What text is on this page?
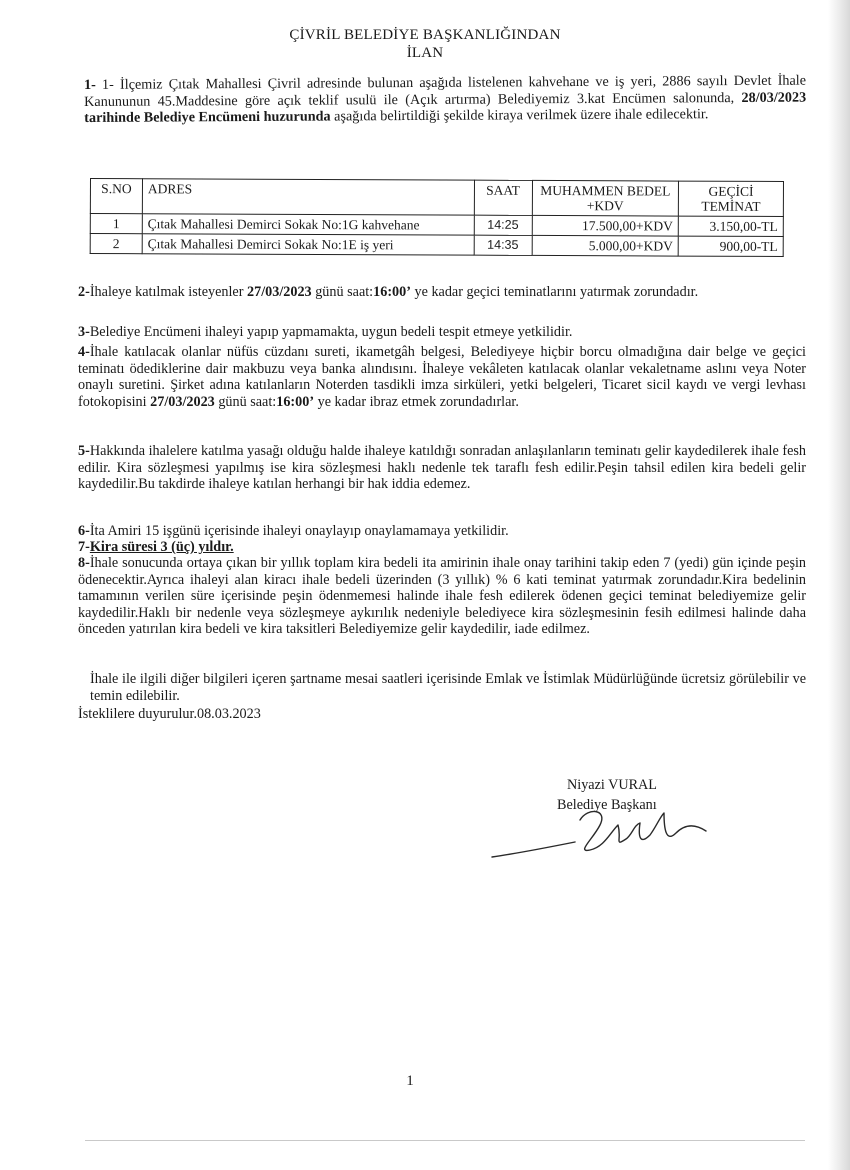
ÇİVRİL BELEDİYE BAŞKANLIĞINDAN
İLAN
1- 1- İlçemiz Çıtak Mahallesi Çivril adresinde bulunan aşağıda listelenen kahvehane ve iş yeri, 2886 sayılı Devlet İhale Kanununun 45.Maddesine göre açık teklif usulü ile (Açık artırma) Belediyemiz 3.kat Encümen salonunda, 28/03/2023 tarihinde Belediye Encümeni huzurunda aşağıda belirtildiği şekilde kiraya verilmek üzere ihale edilecektir.
S.NO	ADRES	SAAT	MUHAMMEN BEDEL +KDV	GEÇİCİ TEMİNAT
1	Çıtak Mahallesi Demirci Sokak No:1G kahvehane	14:25	17.500,00+KDV	3.150,00-TL
2	Çıtak Mahallesi Demirci Sokak No:1E iş yeri	14:35	5.000,00+KDV	900,00-TL
2-İhaleye katılmak isteyenler 27/03/2023 günü saat:16:00’ ye kadar geçici teminatlarını yatırmak zorundadır.
3-Belediye Encümeni ihaleyi yapıp yapmamakta, uygun bedeli tespit etmeye yetkilidir.
4-İhale katılacak olanlar nüfüs cüzdanı sureti, ikametgâh belgesi, Belediyeye hiçbir borcu olmadığına dair belge ve geçici teminatı ödediklerine dair makbuzu veya banka alındısını. İhaleye vekâleten katılacak olanlar vekaletname aslını veya Noter onaylı suretini. Şirket adına katılanların Noterden tasdikli imza sirküleri, yetki belgeleri, Ticaret sicil kaydı ve vergi levhası fotokopisini 27/03/2023 günü saat:16:00’ ye kadar ibraz etmek zorundadırlar.
5-Hakkında ihalelere katılma yasağı olduğu halde ihaleye katıldığı sonradan anlaşılanların teminatı gelir kaydedilerek ihale fesh edilir. Kira sözleşmesi yapılmış ise kira sözleşmesi haklı nedenle tek taraflı fesh edilir.Peşin tahsil edilen kira bedeli gelir kaydedilir.Bu takdirde ihaleye katılan herhangi bir hak iddia edemez.
6-İta Amiri 15 işgünü içerisinde ihaleyi onaylayıp onaylamamaya yetkilidir.
7-Kira süresi 3 (üç) yıldır.
8-İhale sonucunda ortaya çıkan bir yıllık toplam kira bedeli ita amirinin ihale onay tarihini takip eden 7 (yedi) gün içinde peşin ödenecektir.Ayrıca ihaleyi alan kiracı ihale bedeli üzerinden (3 yıllık) % 6 kati teminat yatırmak zorundadır.Kira bedelinin tamamının verilen süre içerisinde peşin ödenmemesi halinde ihale fesh edilerek ödenen geçici teminat belediyemize gelir kaydedilir.Haklı bir nedenle veya sözleşmeye aykırılık nedeniyle belediyece kira sözleşmesinin fesih edilmesi halinde daha önceden yatırılan kira bedeli ve kira taksitleri Belediyemize gelir kaydedilir, iade edilmez.
İhale ile ilgili diğer bilgileri içeren şartname mesai saatleri içerisinde Emlak ve İstimlak Müdürlüğünde ücretsiz görülebilir ve temin edilebilir.
İsteklilere duyurulur.08.03.2023
Niyazi VURAL
Belediye Başkanı
1
